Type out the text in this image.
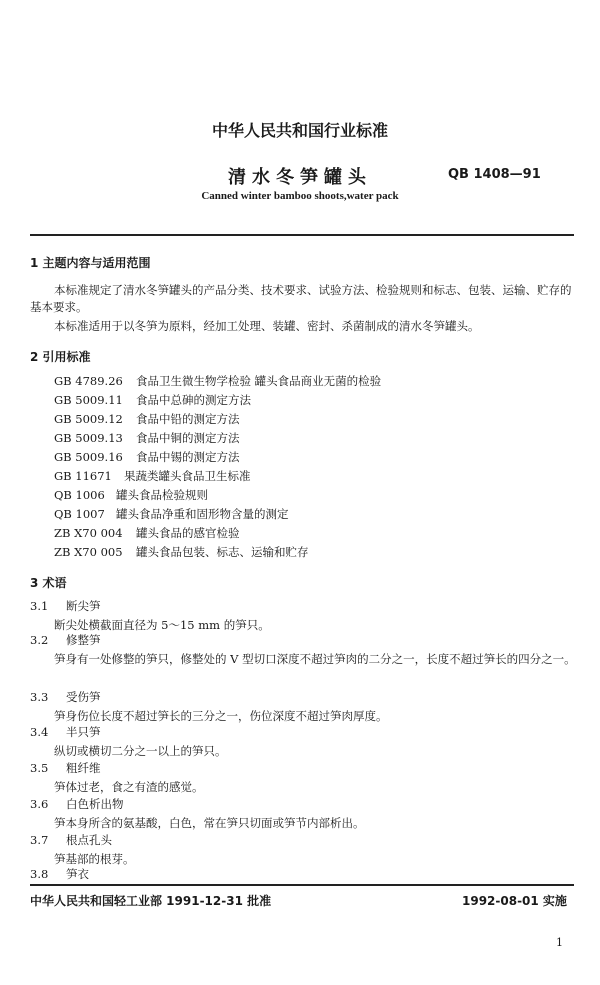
中华人民共和国行业标准
清水冬笋罐头	QB 1408—91
Canned winter bamboo shoots,water pack
1 主题内容与适用范围
本标准规定了清水冬笋罐头的产品分类、技术要求、试验方法、检验规则和标志、包装、运输、贮存的基本要求。
本标准适用于以冬笋为原料，经加工处理、装罐、密封、杀菌制成的清水冬笋罐头。
2 引用标准
GB 4789.26 食品卫生微生物学检验 罐头食品商业无菌的检验
GB 5009.11 食品中总砷的测定方法
GB 5009.12 食品中铅的测定方法
GB 5009.13 食品中铜的测定方法
GB 5009.16 食品中锡的测定方法
GB 11671 果蔬类罐头食品卫生标准
QB 1006 罐头食品检验规则
QB 1007 罐头食品净重和固形物含量的测定
ZB X70 004 罐头食品的感官检验
ZB X70 005 罐头食品包装、标志、运输和贮存
3 术语
3.1 断尖笋
断尖处横截面直径为 5～15 mm 的笋只。
3.2 修整笋
笋身有一处修整的笋只，修整处的 V 型切口深度不超过笋肉的二分之一，长度不超过笋长的四分之一。
3.3 受伤笋
笋身伤位长度不超过笋长的三分之一，伤位深度不超过笋肉厚度。
3.4 半只笋
纵切或横切二分之一以上的笋只。
3.5 粗纤维
笋体过老，食之有渣的感觉。
3.6 白色析出物
笋本身所含的氨基酸，白色，常在笋只切面或笋节内部析出。
3.7 根点孔头
笋基部的根芽。
3.8 笋衣
中华人民共和国轻工业部 1991-12-31 批准	1992-08-01 实施
1
